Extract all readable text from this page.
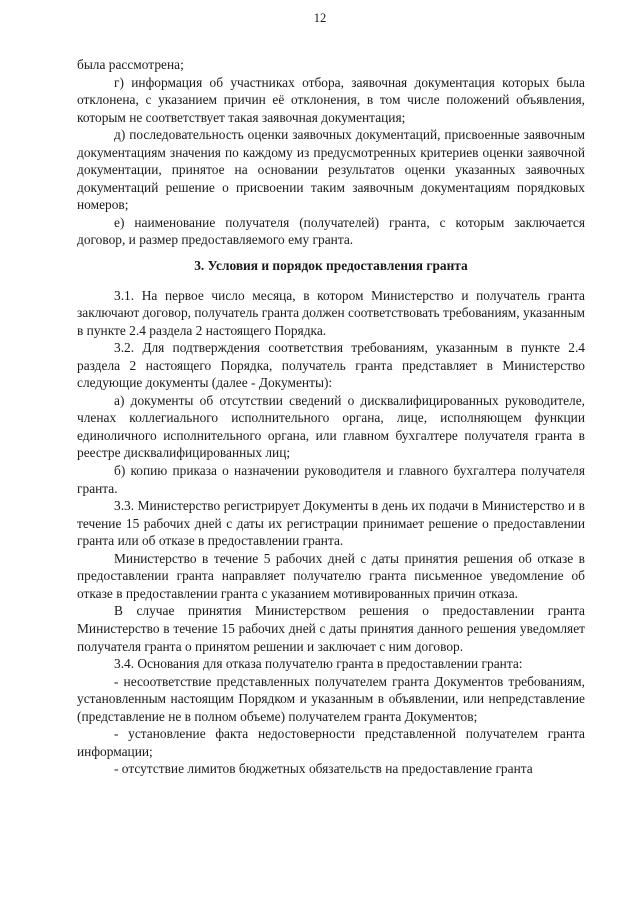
12

была рассмотрена;

г) информация об участниках отбора, заявочная документация которых была отклонена, с указанием причин её отклонения, в том числе положений объявления, которым не соответствует такая заявочная документация;

д) последовательность оценки заявочных документаций, присвоенные заявочным документациям значения по каждому из предусмотренных критериев оценки заявочной документации, принятое на основании результатов оценки указанных заявочных документаций решение о присвоении таким заявочным документациям порядковых номеров;

е) наименование получателя (получателей) гранта, с которым заключается договор, и размер предоставляемого ему гранта.

3. Условия и порядок предоставления гранта

3.1. На первое число месяца, в котором Министерство и получатель гранта заключают договор, получатель гранта должен соответствовать требованиям, указанным в пункте 2.4 раздела 2 настоящего Порядка.

3.2. Для подтверждения соответствия требованиям, указанным в пункте 2.4 раздела 2 настоящего Порядка, получатель гранта представляет в Министерство следующие документы (далее - Документы):

а) документы об отсутствии сведений о дисквалифицированных руководителе, членах коллегиального исполнительного органа, лице, исполняющем функции единоличного исполнительного органа, или главном бухгалтере получателя гранта в реестре дисквалифицированных лиц;

б) копию приказа о назначении руководителя и главного бухгалтера получателя гранта.

3.3. Министерство регистрирует Документы в день их подачи в Министерство и в течение 15 рабочих дней с даты их регистрации принимает решение о предоставлении гранта или об отказе в предоставлении гранта.

Министерство в течение 5 рабочих дней с даты принятия решения об отказе в предоставлении гранта направляет получателю гранта письменное уведомление об отказе в предоставлении гранта с указанием мотивированных причин отказа.

В случае принятия Министерством решения о предоставлении гранта Министерство в течение 15 рабочих дней с даты принятия данного решения уведомляет получателя гранта о принятом решении и заключает с ним договор.

3.4. Основания для отказа получателю гранта в предоставлении гранта:

- несоответствие представленных получателем гранта Документов требованиям, установленным настоящим Порядком и указанным в объявлении, или непредставление (представление не в полном объеме) получателем гранта Документов;

- установление факта недостоверности представленной получателем гранта информации;

- отсутствие лимитов бюджетных обязательств на предоставление гранта
